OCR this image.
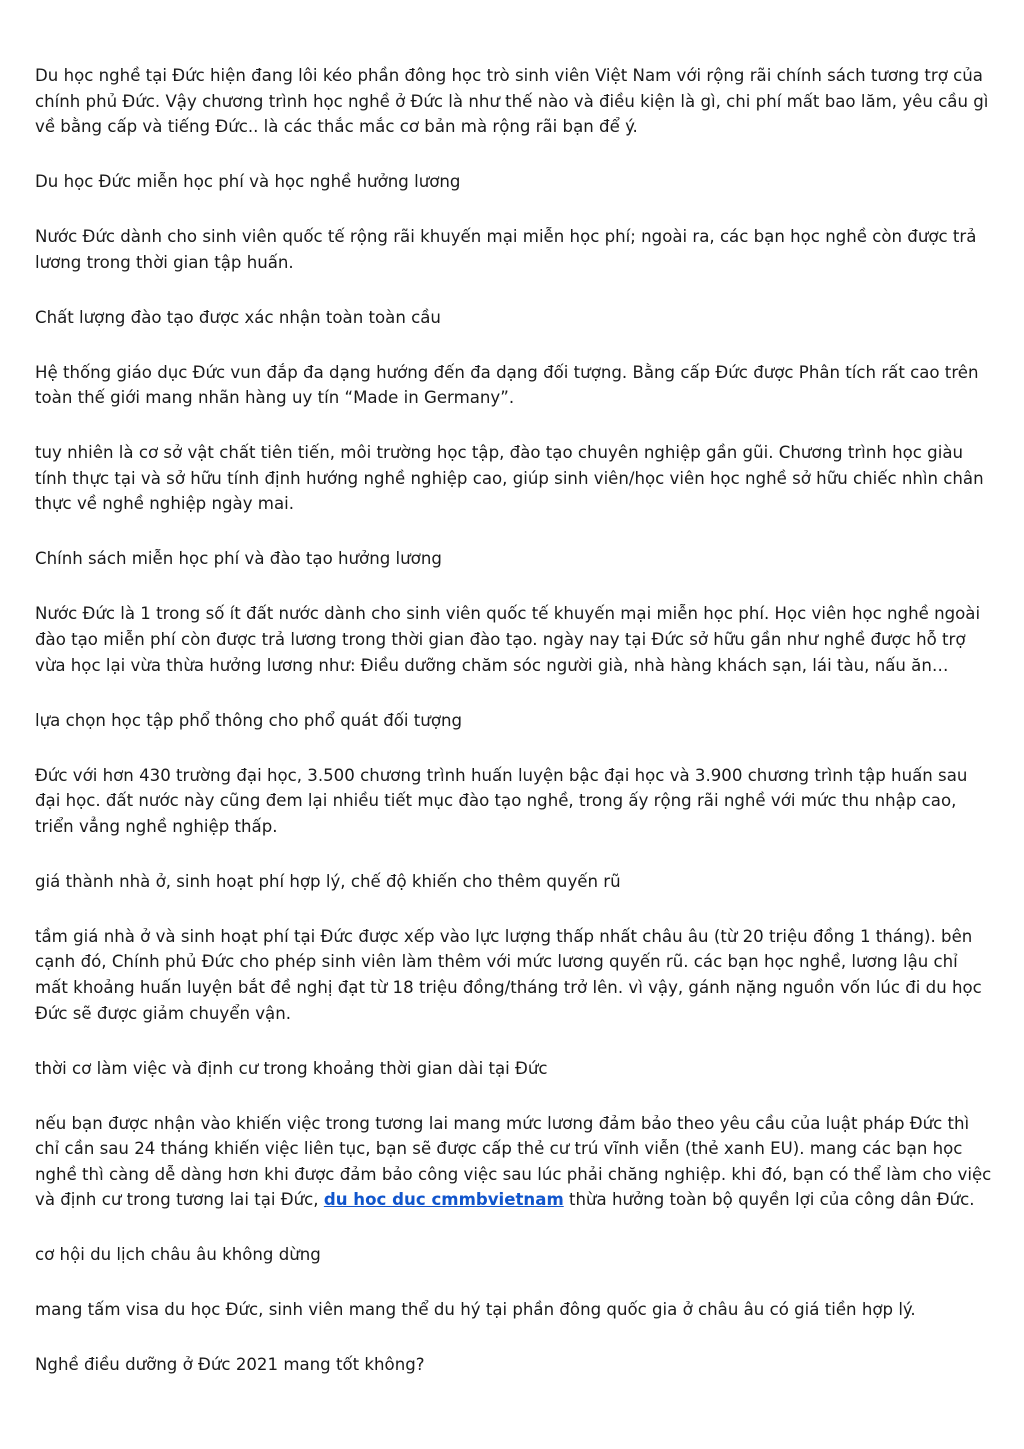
Du học nghề tại Đức hiện đang lôi kéo phần đông học trò sinh viên Việt Nam với rộng rãi chính sách tương trợ của chính phủ Đức. Vậy chương trình học nghề ở Đức là như thế nào và điều kiện là gì, chi phí mất bao lăm, yêu cầu gì về bằng cấp và tiếng Đức.. là các thắc mắc cơ bản mà rộng rãi bạn để ý.

Du học Đức miễn học phí và học nghề hưởng lương

Nước Đức dành cho sinh viên quốc tế rộng rãi khuyến mại miễn học phí; ngoài ra, các bạn học nghề còn được trả lương trong thời gian tập huấn.

Chất lượng đào tạo được xác nhận toàn toàn cầu

Hệ thống giáo dục Đức vun đắp đa dạng hướng đến đa dạng đối tượng. Bằng cấp Đức được Phân tích rất cao trên toàn thế giới mang nhãn hàng uy tín “Made in Germany”.

tuy nhiên là cơ sở vật chất tiên tiến, môi trường học tập, đào tạo chuyên nghiệp gần gũi. Chương trình học giàu tính thực tại và sở hữu tính định hướng nghề nghiệp cao, giúp sinh viên/học viên học nghề sở hữu chiếc nhìn chân thực về nghề nghiệp ngày mai.

Chính sách miễn học phí và đào tạo hưởng lương

Nước Đức là 1 trong số ít đất nước dành cho sinh viên quốc tế khuyến mại miễn học phí. Học viên học nghề ngoài đào tạo miễn phí còn được trả lương trong thời gian đào tạo. ngày nay tại Đức sở hữu gần như nghề được hỗ trợ vừa học lại vừa thừa hưởng lương như: Điều dưỡng chăm sóc người già, nhà hàng khách sạn, lái tàu, nấu ăn…

lựa chọn học tập phổ thông cho phổ quát đối tượng

Đức với hơn 430 trường đại học, 3.500 chương trình huấn luyện bậc đại học và 3.900 chương trình tập huấn sau đại học. đất nước này cũng đem lại nhiều tiết mục đào tạo nghề, trong ấy rộng rãi nghề với mức thu nhập cao, triển vẳng nghề nghiệp thấp.

giá thành nhà ở, sinh hoạt phí hợp lý, chế độ khiến cho thêm quyến rũ

tầm giá nhà ở và sinh hoạt phí tại Đức được xếp vào lực lượng thấp nhất châu âu (từ 20 triệu đồng 1 tháng). bên cạnh đó, Chính phủ Đức cho phép sinh viên làm thêm với mức lương quyến rũ. các bạn học nghề, lương lậu chỉ mất khoảng huấn luyện bắt đề nghị đạt từ 18 triệu đồng/tháng trở lên. vì vậy, gánh nặng nguồn vốn lúc đi du học Đức sẽ được giảm chuyển vận.

thời cơ làm việc và định cư trong khoảng thời gian dài tại Đức

nếu bạn được nhận vào khiến việc trong tương lai mang mức lương đảm bảo theo yêu cầu của luật pháp Đức thì chỉ cần sau 24 tháng khiến việc liên tục, bạn sẽ được cấp thẻ cư trú vĩnh viễn (thẻ xanh EU). mang các bạn học nghề thì càng dễ dàng hơn khi được đảm bảo công việc sau lúc phải chăng nghiệp. khi đó, bạn có thể làm cho việc và định cư trong tương lai tại Đức, du hoc duc cmmbvietnam thừa hưởng toàn bộ quyền lợi của công dân Đức.

cơ hội du lịch châu âu không dừng

mang tấm visa du học Đức, sinh viên mang thể du hý tại phần đông quốc gia ở châu âu có giá tiền hợp lý.

Nghề điều dưỡng ở Đức 2021 mang tốt không?
